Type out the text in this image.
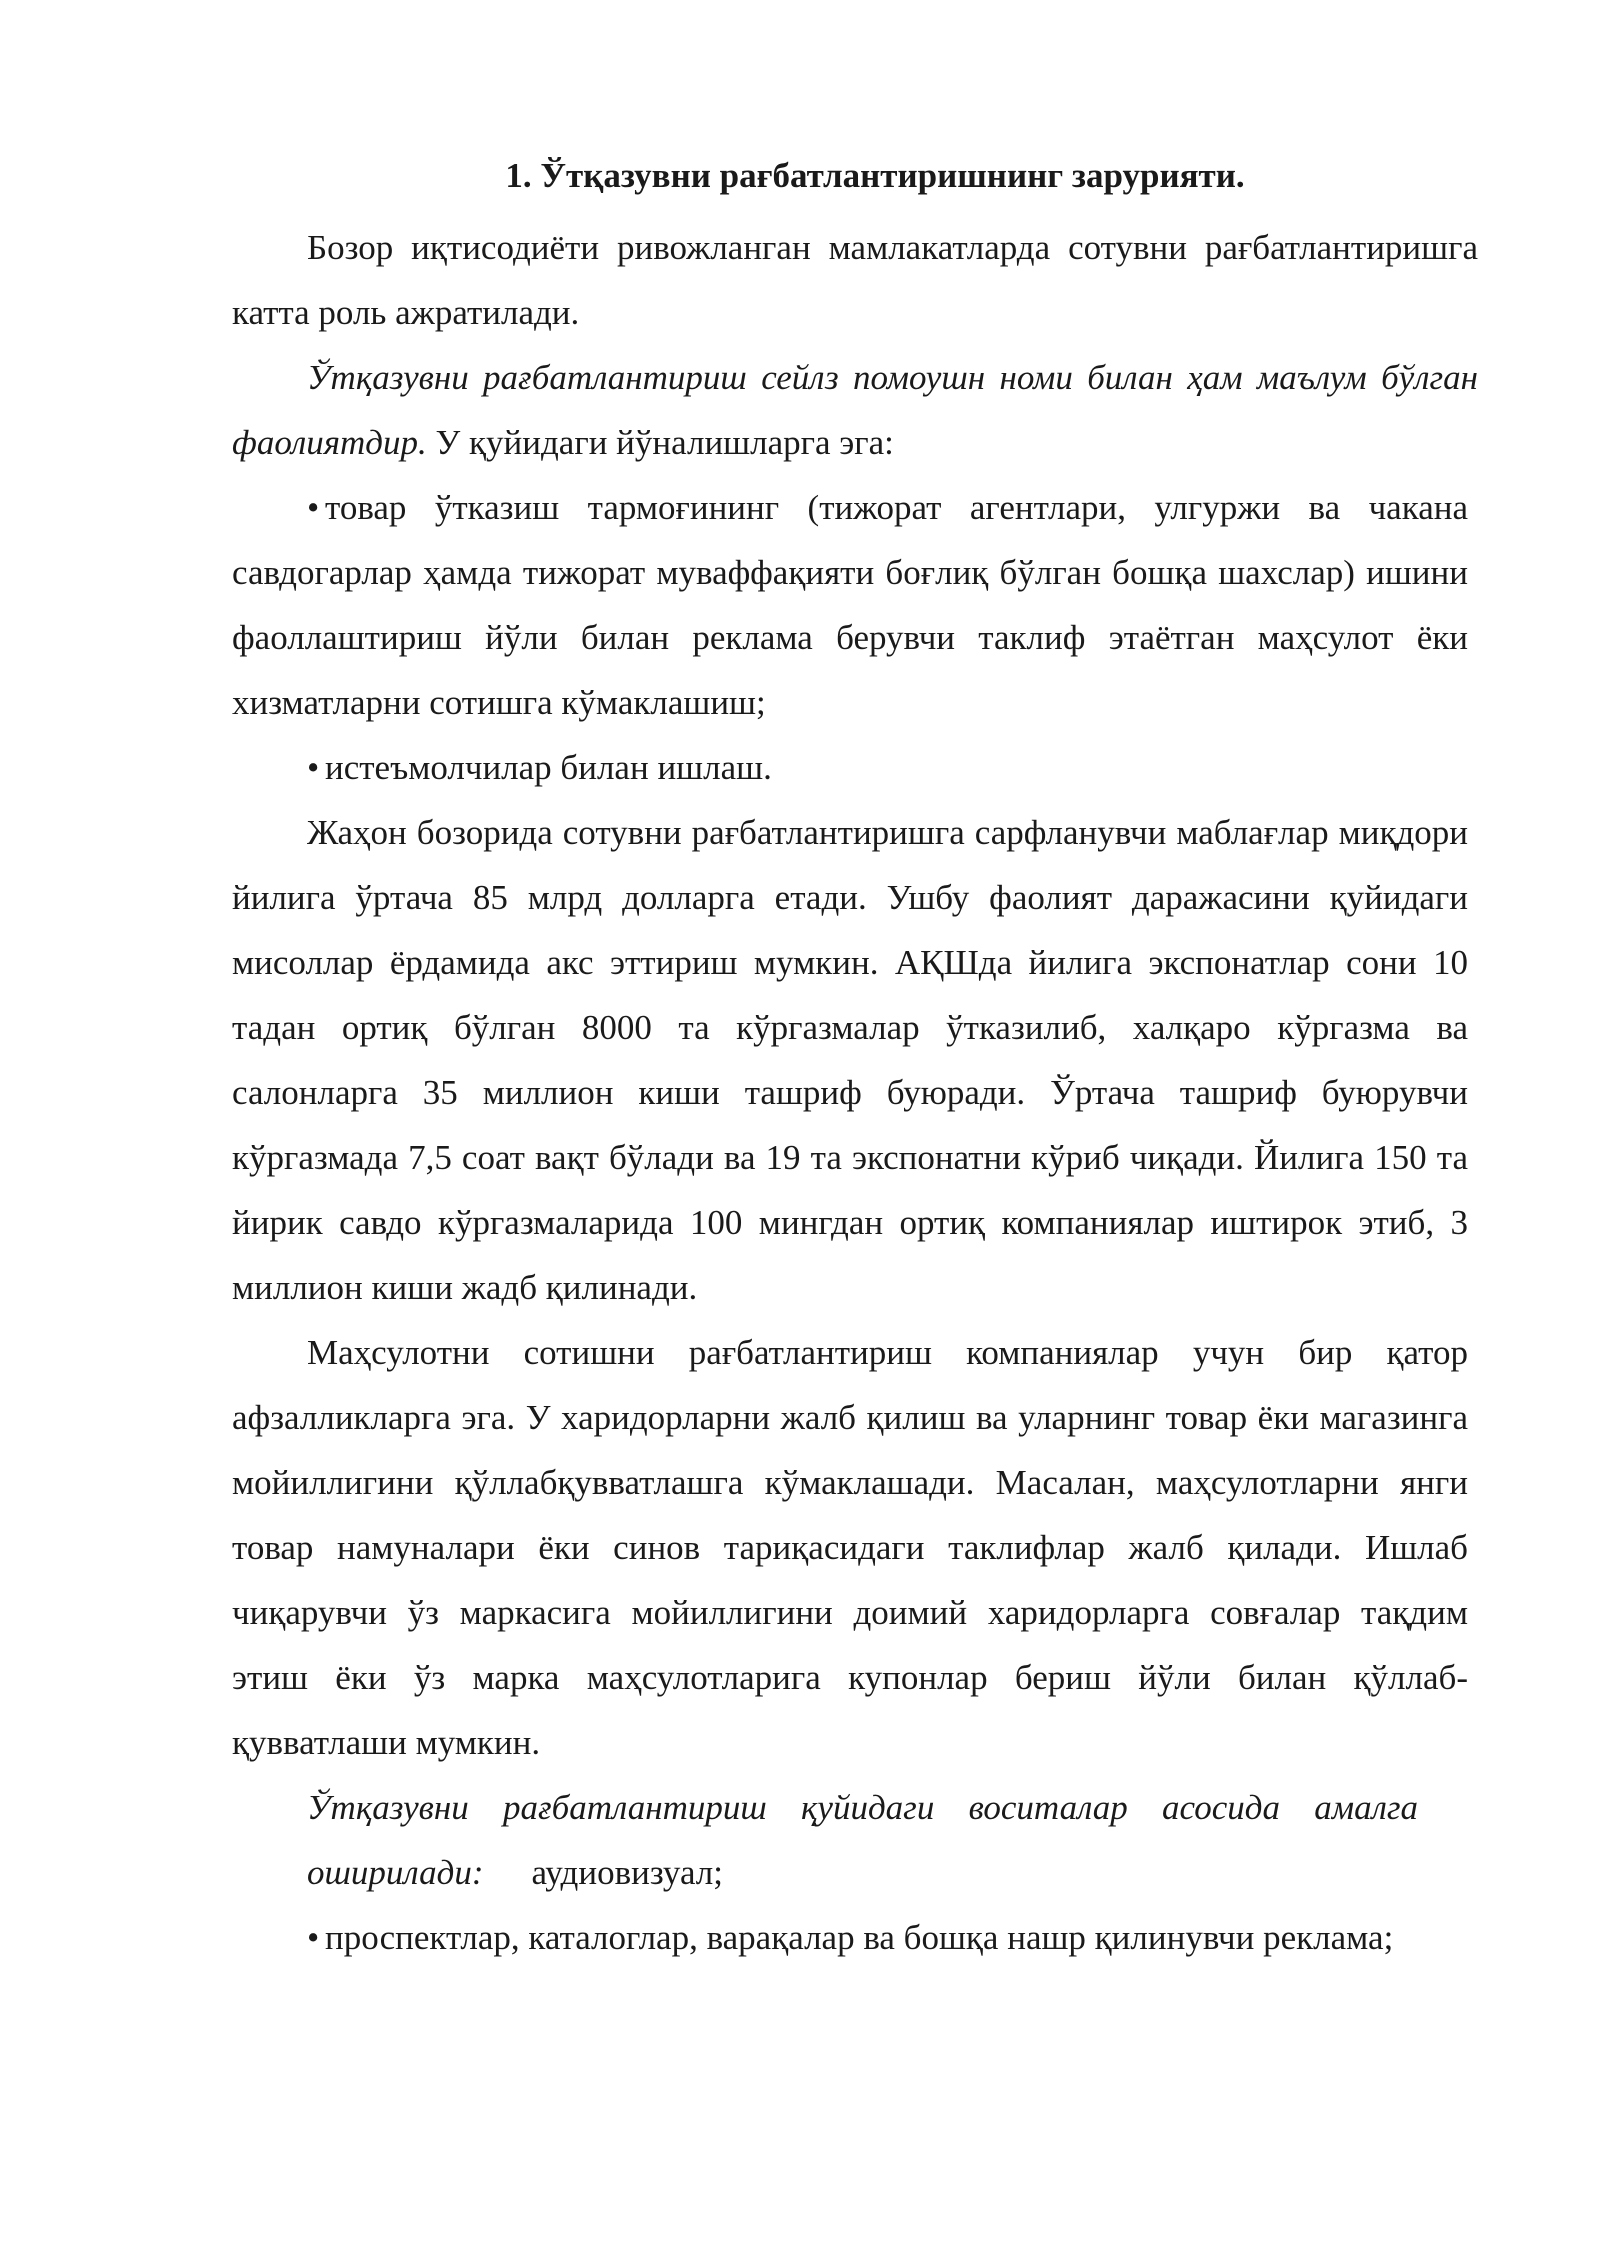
1. Ўтқазувни рағбатлантиришнинг зарурияти.

Бозор иқтисодиёти ривожланган мамлакатларда сотувни рағбатлантиришга катта роль ажратилади.

Ўтқазувни рағбатлантириш сейлз помоушн номи билан ҳам маълум бўлган фаолиятдир. У қуйидаги йўналишларга эга:

• товар ўтказиш тармоғининг (тижорат агентлари, улгуржи ва чакана савдогарлар ҳамда тижорат муваффақияти боғлиқ бўлган бошқа шахслар) ишини фаоллаштириш йўли билан реклама берувчи таклиф этаётган маҳсулот ёки хизматларни сотишга кўмаклашиш;

• истеъмолчилар билан ишлаш.

Жаҳон бозорида сотувни рағбатлантиришга сарфланувчи маблағлар миқдори йилига ўртача 85 млрд долларга етади. Ушбу фаолият даражасини қуйидаги мисоллар ёрдамида акс эттириш мумкин. АҚШда йилига экспонатлар сони 10 тадан ортиқ бўлган 8000 та кўргазмалар ўтказилиб, халқаро кўргазма ва салонларга 35 миллион киши ташриф буюради. Ўртача ташриф буюрувчи кўргазмада 7,5 соат вақт бўлади ва 19 та экспонатни кўриб чиқади. Йилига 150 та йирик савдо кўргазмаларида 100 мингдан ортиқ компаниялар иштирок этиб, 3 миллион киши жадб қилинади.

Маҳсулотни сотишни рағбатлантириш компаниялар учун бир қатор афзалликларга эга. У харидорларни жалб қилиш ва уларнинг товар ёки магазинга мойиллигини қўллабқувватлашга кўмаклашади. Масалан, маҳсулотларни янги товар намуналари ёки синов тариқасидаги таклифлар жалб қилади. Ишлаб чиқарувчи ўз маркасига мойиллигини доимий харидорларга совғалар тақдим этиш ёки ўз марка маҳсулотларига купонлар бериш йўли билан қўллаб-қувватлаши мумкин.

Ўтқазувни рағбатлантириш қуйидаги воситалар асосида амалга

оширилади: аудиовизуал;

• проспектлар, каталоглар, варақалар ва бошқа нашр қилинувчи реклама;
